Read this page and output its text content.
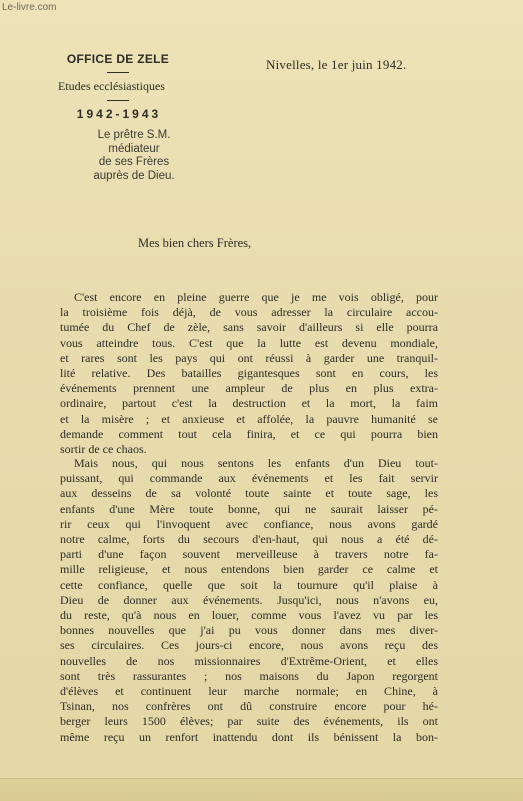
Le-livre.com
OFFICE DE ZELE
Etudes ecclésiastiques
1942-1943
Le prêtre S.M.
médiateur
de ses Frères
auprès de Dieu.
Nivelles, le 1er juin 1942.
Mes bien chers Frères,
C'est encore en pleine guerre que je me vois obligé, pour
la troisième fois déjà, de vous adresser la circulaire accou-
tumée du Chef de zèle, sans savoir d'ailleurs si elle pourra
vous atteindre tous. C'est que la lutte est devenu mondiale,
et rares sont les pays qui ont réussi à garder une tranquil-
lité relative. Des batailles gigantesques sont en cours, les
événements prennent une ampleur de plus en plus extra-
ordinaire, partout c'est la destruction et la mort, la faim
et la misère ; et anxieuse et affolée, la pauvre humanité se
demande comment tout cela finira, et ce qui pourra bien
sortir de ce chaos.
Mais nous, qui nous sentons les enfants d'un Dieu tout-
puissant, qui commande aux événements et les fait servir
aux desseins de sa volonté toute sainte et toute sage, les
enfants d'une Mère toute bonne, qui ne saurait laisser pé-
rir ceux qui l'invoquent avec confiance, nous avons gardé
notre calme, forts du secours d'en-haut, qui nous a été dé-
parti d'une façon souvent merveilleuse à travers notre fa-
mille religieuse, et nous entendons bien garder ce calme et
cette confiance, quelle que soit la tournure qu'il plaise à
Dieu de donner aux événements. Jusqu'ici, nous n'avons eu,
du reste, qu'à nous en louer, comme vous l'avez vu par les
bonnes nouvelles que j'ai pu vous donner dans mes diver-
ses circulaires. Ces jours-ci encore, nous avons reçu des
nouvelles de nos missionnaires d'Extrême-Orient, et elles
sont très rassurantes ; nos maisons du Japon regorgent
d'élèves et continuent leur marche normale; en Chine, à
Tsinan, nos confrères ont dû construire encore pour hé-
berger leurs 1500 élèves; par suite des événements, ils ont
même reçu un renfort inattendu dont ils bénissent la bon-
